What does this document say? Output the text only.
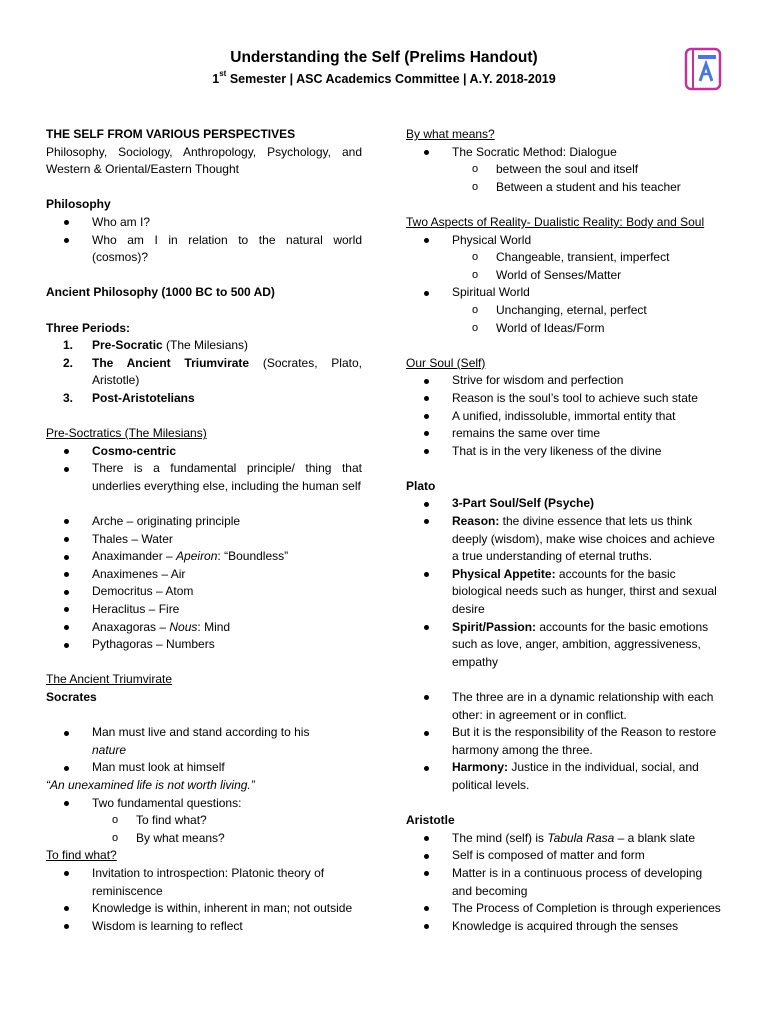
Understanding the Self (Prelims Handout)
1st Semester | ASC Academics Committee | A.Y. 2018-2019
THE SELF FROM VARIOUS PERSPECTIVES
Philosophy, Sociology, Anthropology, Psychology, and Western & Oriental/Eastern Thought
Philosophy
Who am I?
Who am I in relation to the natural world (cosmos)?
Ancient Philosophy (1000 BC to 500 AD)
Three Periods:
1. Pre-Socratic (The Milesians)
2. The Ancient Triumvirate (Socrates, Plato, Aristotle)
3. Post-Aristotelians
Pre-Soctratics (The Milesians)
Cosmo-centric
There is a fundamental principle/ thing that underlies everything else, including the human self
Arche – originating principle
Thales – Water
Anaximander – Apeiron: “Boundless”
Anaximenes – Air
Democritus – Atom
Heraclitus – Fire
Anaxagoras – Nous: Mind
Pythagoras – Numbers
The Ancient Triumvirate
Socrates
Man must live and stand according to his
nature
Man must look at himself
“An unexamined life is not worth living.”
Two fundamental questions:
o To find what?
o By what means?
To find what?
Invitation to introspection: Platonic theory of reminiscence
Knowledge is within, inherent in man; not outside
Wisdom is learning to reflect
By what means?
The Socratic Method: Dialogue
o between the soul and itself
o Between a student and his teacher
Two Aspects of Reality- Dualistic Reality: Body and Soul
Physical World
o Changeable, transient, imperfect
o World of Senses/Matter
Spiritual World
o Unchanging, eternal, perfect
o World of Ideas/Form
Our Soul (Self)
Strive for wisdom and perfection
Reason is the soul’s tool to achieve such state
A unified, indissoluble, immortal entity that
remains the same over time
That is in the very likeness of the divine
Plato
3-Part Soul/Self (Psyche)
Reason: the divine essence that lets us think deeply (wisdom), make wise choices and achieve a true understanding of eternal truths.
Physical Appetite: accounts for the basic biological needs such as hunger, thirst and sexual desire
Spirit/Passion: accounts for the basic emotions such as love, anger, ambition, aggressiveness, empathy
The three are in a dynamic relationship with each other: in agreement or in conflict.
But it is the responsibility of the Reason to restore harmony among the three.
Harmony: Justice in the individual, social, and political levels.
Aristotle
The mind (self) is Tabula Rasa – a blank slate
Self is composed of matter and form
Matter is in a continuous process of developing and becoming
The Process of Completion is through experiences
Knowledge is acquired through the senses
